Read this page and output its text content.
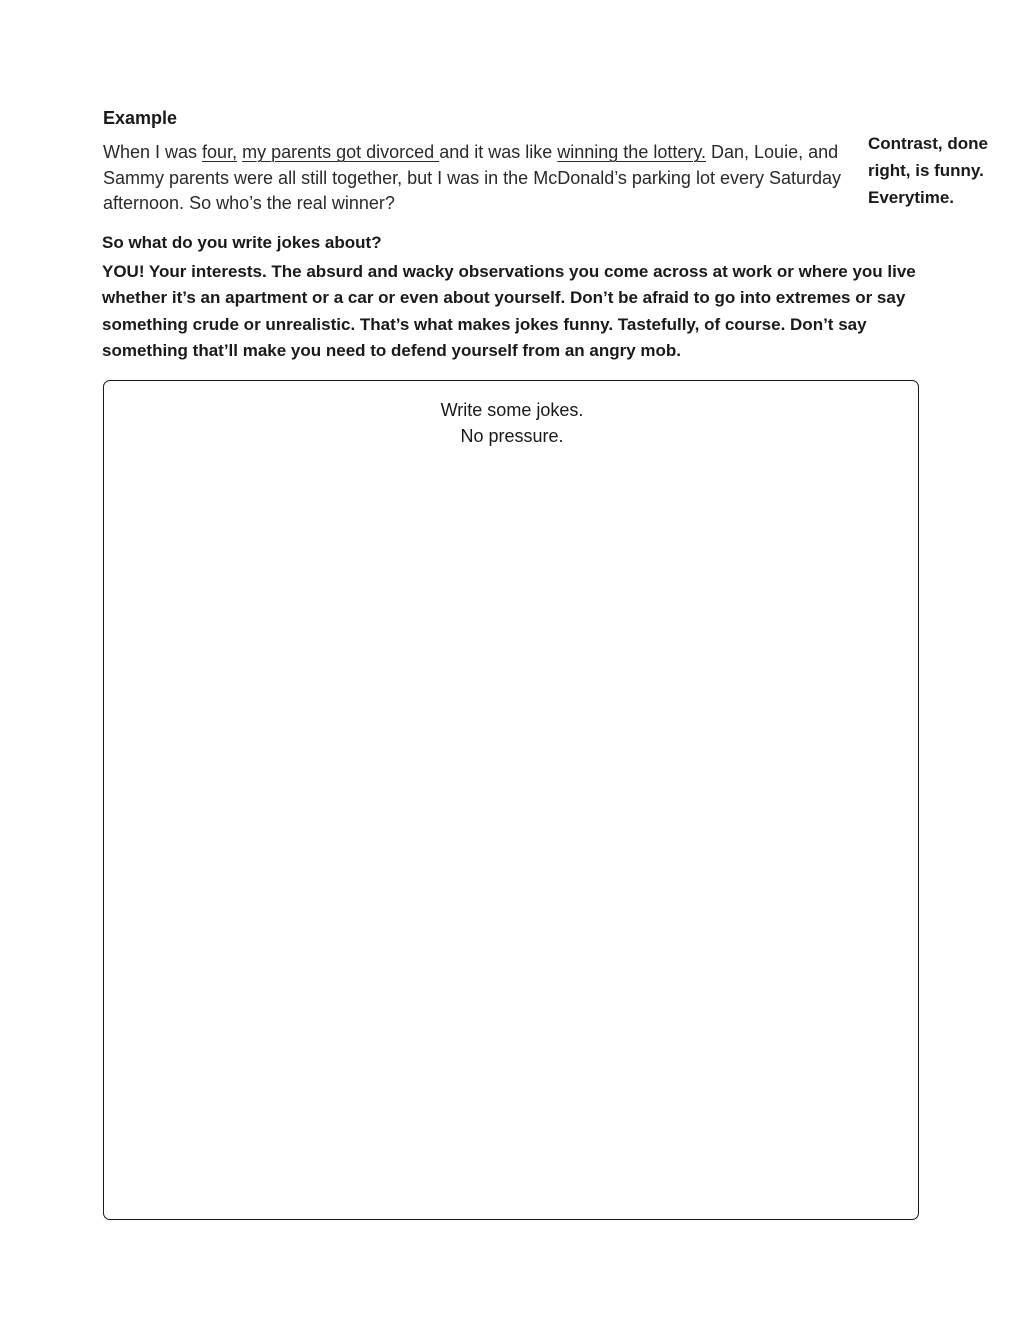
Example

When I was four, my parents got divorced and it was like winning the lottery. Dan, Louie, and Sammy parents were all still together, but I was in the McDonald’s parking lot every Saturday afternoon. So who’s the real winner?

Contrast, done right, is funny. Everytime.

So what do you write jokes about?

YOU! Your interests. The absurd and wacky observations you come across at work or where you live whether it’s an apartment or a car or even about yourself. Don’t be afraid to go into extremes or say something crude or unrealistic. That’s what makes jokes funny. Tastefully, of course. Don’t say something that’ll make you need to defend yourself from an angry mob.

Write some jokes.
No pressure.
